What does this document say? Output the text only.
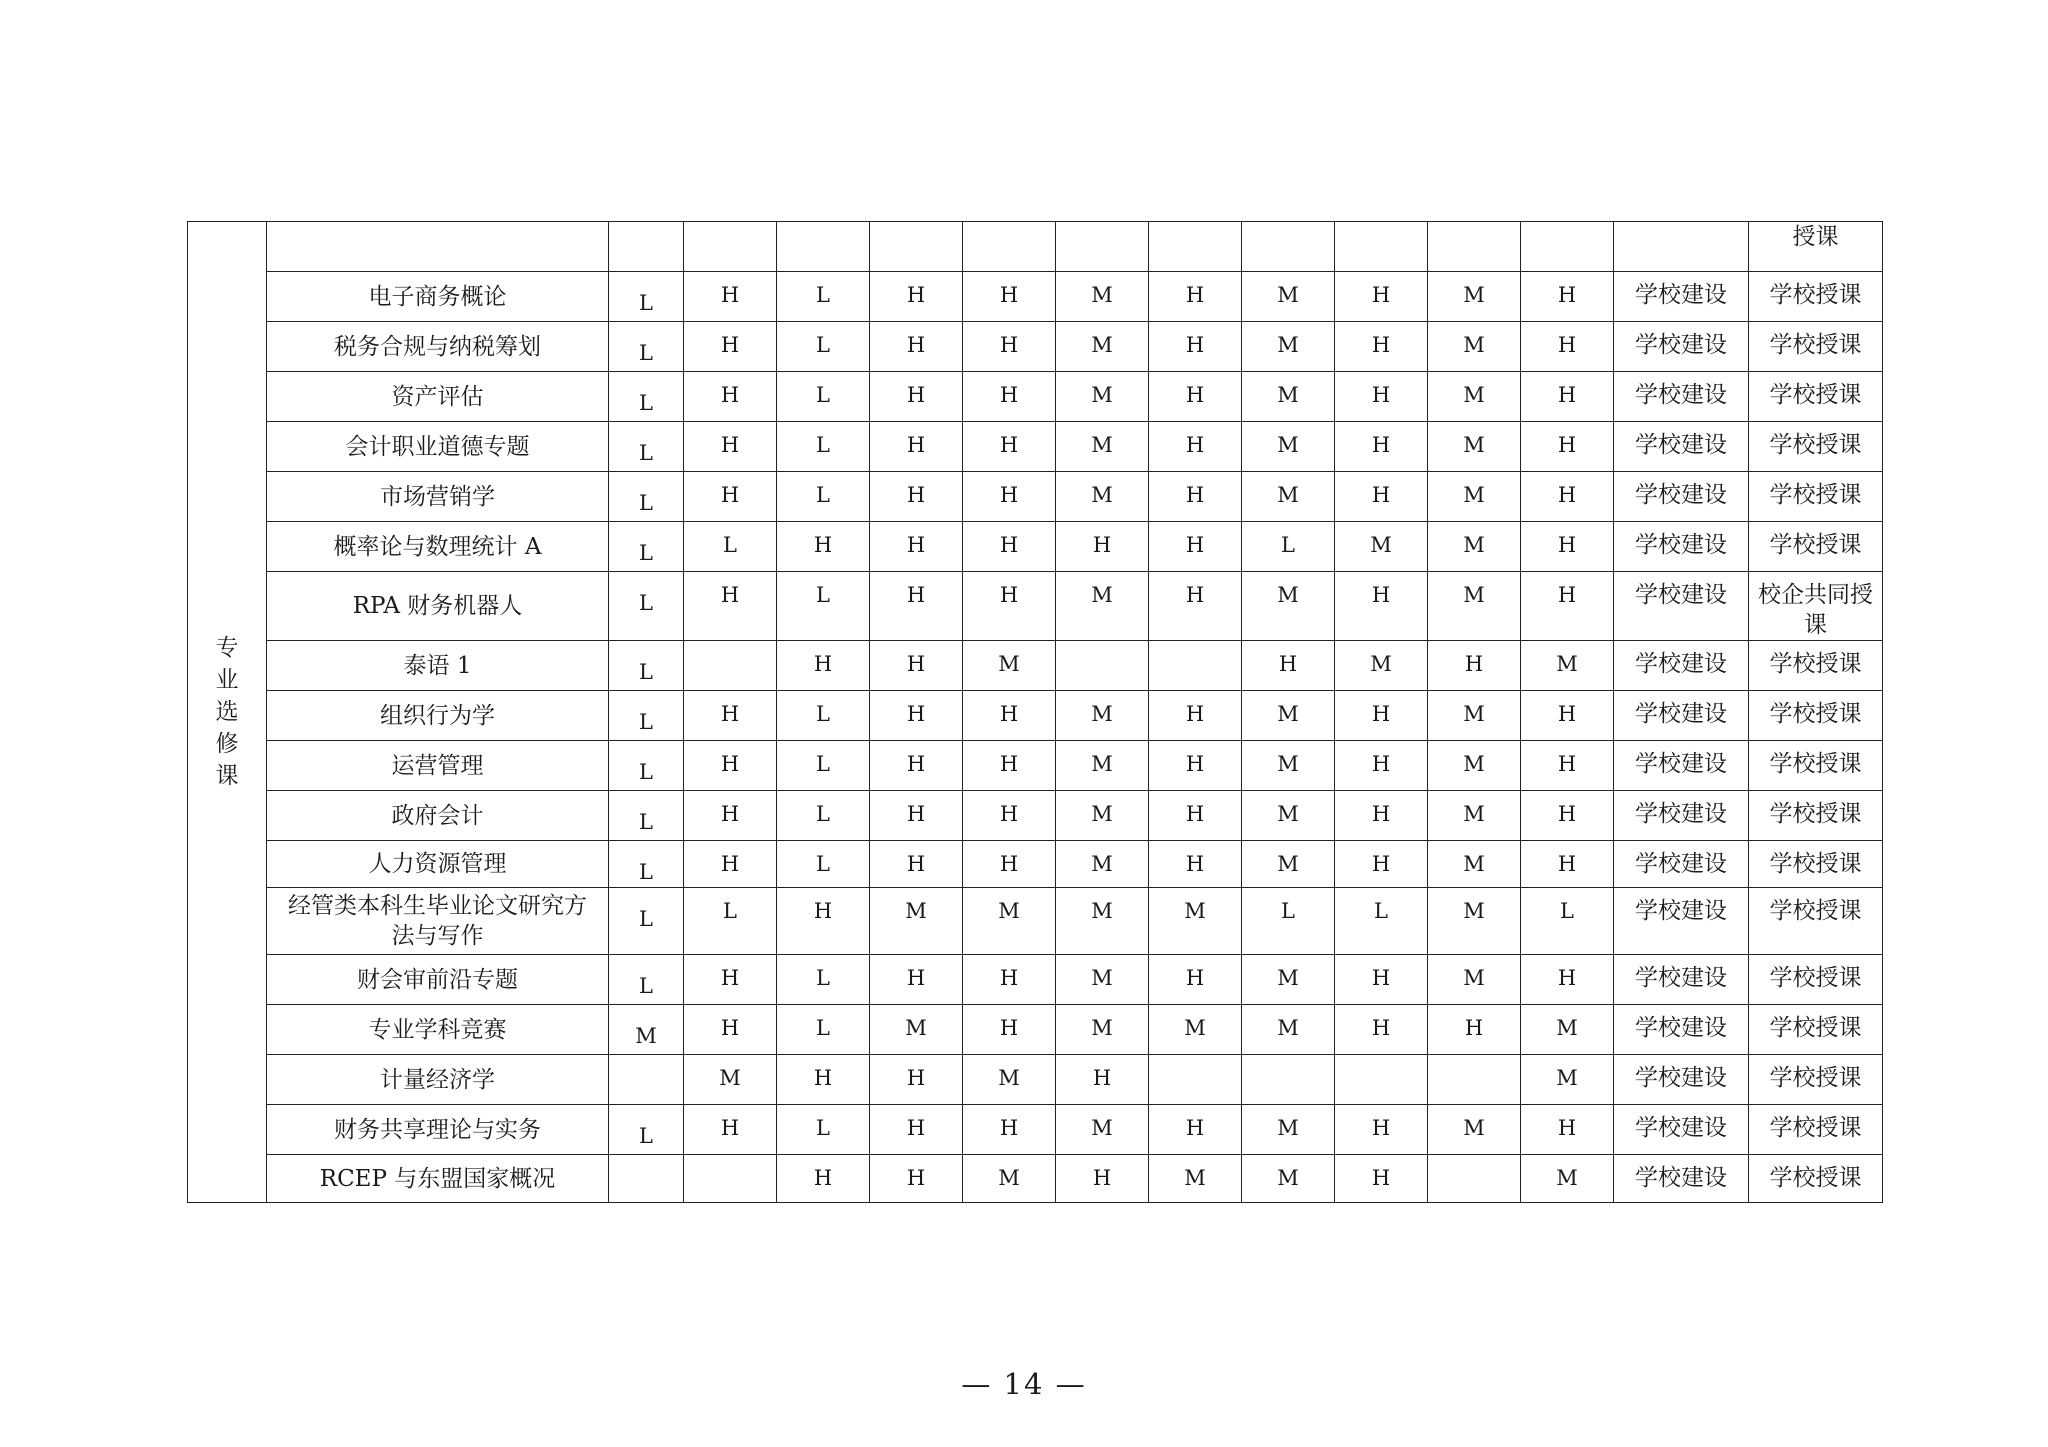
专业选修课														授课
	电子商务概论	L	H	L	H	H	M	H	M	H	M	H	学校建设	学校授课
	税务合规与纳税筹划	L	H	L	H	H	M	H	M	H	M	H	学校建设	学校授课
	资产评估	L	H	L	H	H	M	H	M	H	M	H	学校建设	学校授课
	会计职业道德专题	L	H	L	H	H	M	H	M	H	M	H	学校建设	学校授课
	市场营销学	L	H	L	H	H	M	H	M	H	M	H	学校建设	学校授课
	概率论与数理统计 A	L	L	H	H	H	H	H	L	M	M	H	学校建设	学校授课
	RPA 财务机器人	L	H	L	H	H	M	H	M	H	M	H	学校建设	校企共同授课
	泰语 1	L		H	H	M			H	M	H	M	学校建设	学校授课
	组织行为学	L	H	L	H	H	M	H	M	H	M	H	学校建设	学校授课
	运营管理	L	H	L	H	H	M	H	M	H	M	H	学校建设	学校授课
	政府会计	L	H	L	H	H	M	H	M	H	M	H	学校建设	学校授课
	人力资源管理	L	H	L	H	H	M	H	M	H	M	H	学校建设	学校授课
	经管类本科生毕业论文研究方法与写作	L	L	H	M	M	M	M	L	L	M	L	学校建设	学校授课
	财会审前沿专题	L	H	L	H	H	M	H	M	H	M	H	学校建设	学校授课
	专业学科竞赛	M	H	L	M	H	M	M	M	H	H	M	学校建设	学校授课
	计量经济学		M	H	H	M	H					M	学校建设	学校授课
	财务共享理论与实务	L	H	L	H	H	M	H	M	H	M	H	学校建设	学校授课
	RCEP 与东盟国家概况			H	H	M	H	M	M	H		M	学校建设	学校授课
— 14 —
